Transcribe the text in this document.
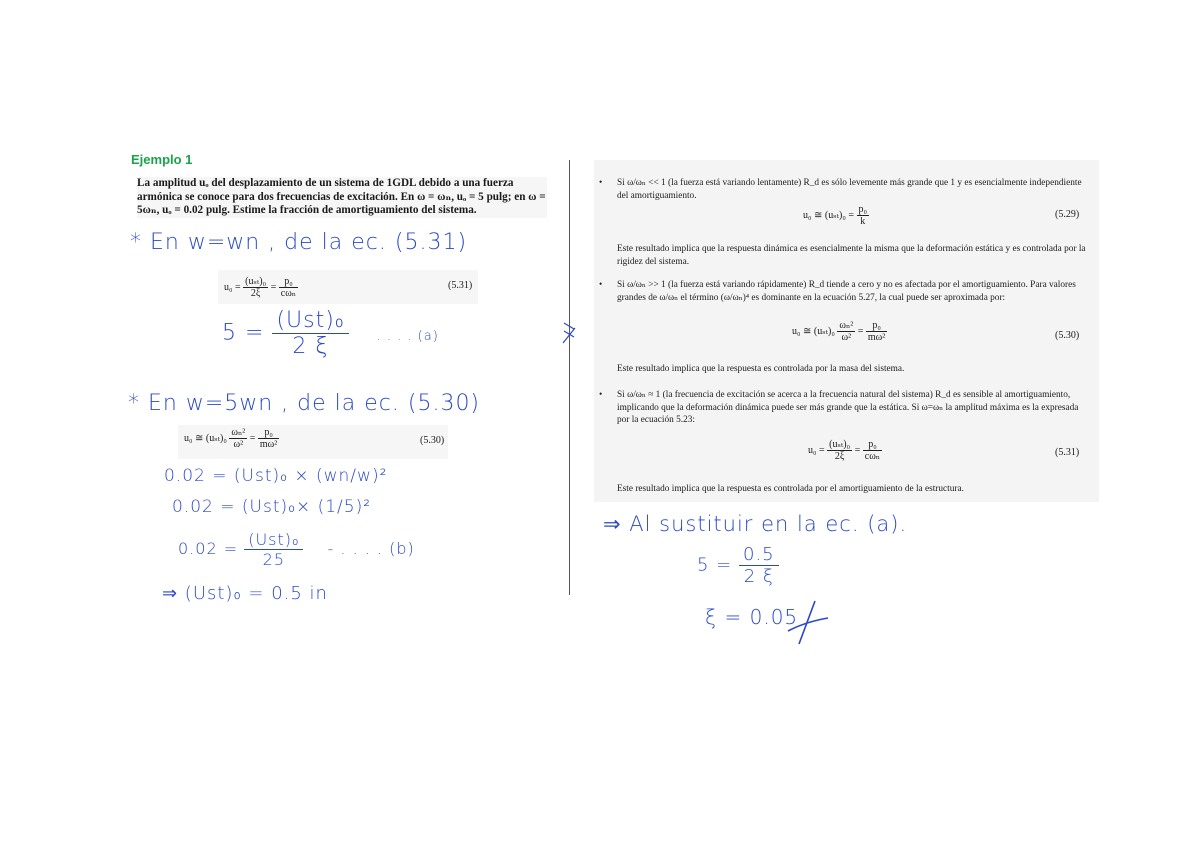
Ejemplo 1
La amplitud uₒ del desplazamiento de un sistema de 1GDL debido a una fuerza armónica se conoce para dos frecuencias de excitación. En ω = ωₙ, uₒ = 5 pulg; en ω = 5ωₙ, uₒ = 0.02 pulg. Estime la fracción de amortiguamiento del sistema.
* En w=wn , de la ec. (5.31)
$u_0 = \frac{\text{(uₛₜ)₀}}{2\xi} = \frac{\text{p₀}}{\text{cωₙ}}$	(5.31)
$5 = \frac{\text{(Ust)₀}}{2 \xi}$ . . . . (a)
* En w=5wn , de la ec. (5.30)
u₀ ≅ $(u_{st})_0 \frac{\text{ωₙ²}}{\text{ω²}} = \frac{\text{p₀}}{\text{mω²}}$	(5.30)
0.02 = (Ust)₀ × (wn/w)²
0.02 = (Ust)₀× (1/5)²
$0.02 = \frac{\text{(Ust)₀}}{25}$ - . . . . (b)
⇒ (Ust)₀ = 0.5 in
• Si ω/ωₙ << 1 (la fuerza está variando lentamente) R_d es sólo levemente más grande que 1 y es esencialmente independiente del amortiguamiento.
u₀ ≅ $(u_{st})_0 = \frac{\text{p₀}}{k}$	(5.29)
Este resultado implica que la respuesta dinámica es esencialmente la misma que la deformación estática y es controlada por la rigidez del sistema.
• Si ω/ωₙ >> 1 (la fuerza está variando rápidamente) R_d tiende a cero y no es afectada por el amortiguamiento. Para valores grandes de ω/ωₙ el término (ω/ωₙ)⁴ es dominante en la ecuación 5.27, la cual puede ser aproximada por:
u₀ ≅ $(u_{st})_0 \frac{\text{ωₙ²}}{\text{ω²}} = \frac{\text{p₀}}{\text{mω²}}$	(5.30)
Este resultado implica que la respuesta es controlada por la masa del sistema.
• Si ω/ωₙ ≈ 1 (la frecuencia de excitación se acerca a la frecuencia natural del sistema) R_d es sensible al amortiguamiento, implicando que la deformación dinámica puede ser más grande que la estática. Si ω=ωₙ la amplitud máxima es la expresada por la ecuación 5.23:
$u_0 = \frac{\text{(uₛₜ)₀}}{2\xi} = \frac{\text{p₀}}{\text{cωₙ}}$	(5.31)
Este resultado implica que la respuesta es controlada por el amortiguamiento de la estructura.
⇒ Al sustituir en la ec. (a).
$5 = \frac{0.5}{2 \xi}$
ξ = 0.05
